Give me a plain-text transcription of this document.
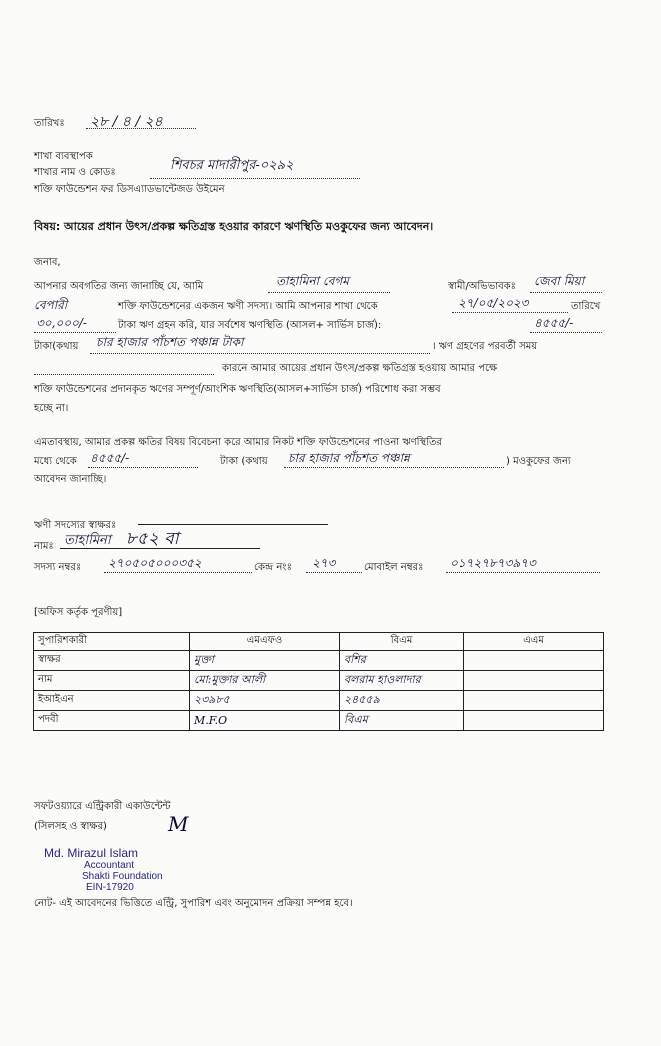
তারিখঃ ২৮ / ৪ / ২৪
শাখা ব্যবস্থাপক
শাখার নাম ও কোডঃ	শিবচর মাদারীপুর-০২৯২
শক্তি ফাউন্ডেশন ফর ডিসএ্যাডভান্টেজড উইমেন
বিষয়: আয়ের প্রধান উৎস/প্রকল্প ক্ষতিগ্রস্ত হওয়ার কারণে ঋণস্থিতি মওকুফের জন্য আবেদন।
জনাব,
আপনার অবগতির জন্য জানাচ্ছি যে, আমি	তাহামিনা বেগম	স্বামী/অভিভাবকঃ	জেবা মিয়া
বেপারী	শক্তি ফাউন্ডেশনের একজন ঋণী সদস্য। আমি আপনার শাখা থেকে	২৭/০৫/২০২৩	তারিখে
৩০,০০০/-	টাকা ঋণ গ্রহন করি, যার সর্বশেষ ঋণস্থিতি (আসল+ সার্ভিস চার্জ):	৪৫৫৫/-
টাকা(কথায়	চার হাজার পাঁচশত পঞ্চান্ন টাকা	। ঋণ গ্রহণের পরবর্তী সময়
কারনে আমার আয়ের প্রধান উৎস/প্রকল্প ক্ষতিগ্রস্ত হওয়ায় আমার পক্ষে
শক্তি ফাউন্ডেশনের প্রদানকৃত ঋণের সম্পূর্ণ/আংশিক ঋণস্থিতি(আসল+সার্ভিস চার্জ) পরিশোধ করা সম্ভব
হচ্ছে না।
এমতাবস্থায়, আমার প্রকল্প ক্ষতির বিষয় বিবেচনা করে আমার নিকট শক্তি ফাউন্ডেশনের পাওনা ঋণস্থিতির
মধ্যে থেকে ৪৫৫৫/-	টাকা (কথায়	চার হাজার পাঁচশত পঞ্চান্ন	) মওকুফের জন্য
আবেদন জানাচ্ছি।
ঋণী সদস্যের স্বাক্ষরঃ
নামঃ তাহামিনা ৮৫২ বা
সদস্য নম্বরঃ	২৭০৫০৫০০০৩৫২	কেন্দ্র নংঃ	২৭৩	মোবাইল নম্বরঃ	০১৭২৭৮৭৩৯৭৩
[অফিস কর্তৃক পূরণীয়]
সুপারিশকারী	এমএফও	বিএম	এএম
স্বাক্ষর	মুক্তা	বশির	
নাম	মো:মুক্তার আলী	বলরাম হাওলাদার	
ইআইএন	২৩৯৮৫	২৪৫৫৯	
পদবী	M.F.O	বিএম	
সফটওয়্যারে এন্ট্রিকারী একাউন্টেন্ট
(সিলসহ ও স্বাক্ষর)	M
Md. Mirazul Islam
Accountant
Shakti Foundation
EIN-17920
নোট- এই আবেদনের ভিত্তিতে এন্ট্রি, সুপারিশ এবং অনুমোদন প্রক্রিয়া সম্পন্ন হবে।
